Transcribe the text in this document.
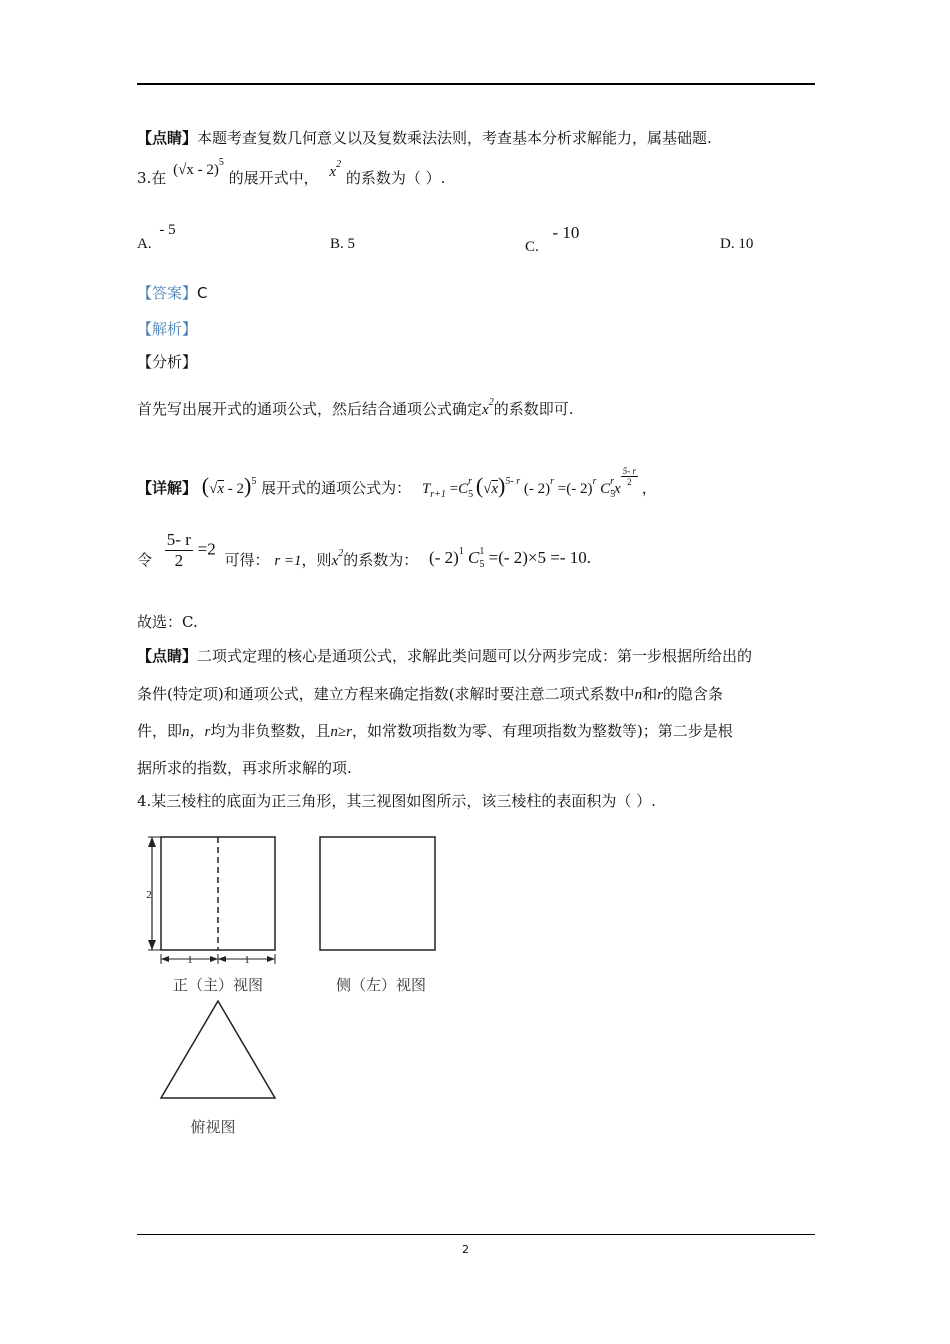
【点睛】本题考查复数几何意义以及复数乘法法则，考查基本分析求解能力，属基础题.
3.在 (√x - 2)$^5$ 的展开式中， $x^2$ 的系数为（ ）.
A. - 5
B. 5	C. - 10
D. 10
【答案】C
【解析】
【分析】
首先写出展开式的通项公式，然后结合通项公式确定$x^2$的系数即可.
【详解】 (√x - 2)$^5$ 展开式的通项公式为： $T_{r+1} =C_5^r$ $(√x)^{5- r}$ (- 2)$^r$ =(- 2)$^r$ $C_5^rx$
$\frac{5- r}{2}$
，
令 $\frac{5- r}{2} =2$ 可得： r =1，则$x^2$的系数为： (- 2)$^1$ $C_5^1$ =(- 2)×5 =- 10.
故选：C.
【点睛】二项式定理的核心是通项公式，求解此类问题可以分两步完成：第一步根据所给出的
条件(特定项)和通项公式，建立方程来确定指数(求解时要注意二项式系数中n和r的隐含条
件，即n，r均为非负整数，且n≥r，如常数项指数为零、有理项指数为整数等)；第二步是根
据所求的指数，再求所求解的项.
4.某三棱柱的底面为正三角形，其三视图如图所示，该三棱柱的表面积为（ ）.
2
1	1
正（主）视图	侧（左）视图
俯视图
2
